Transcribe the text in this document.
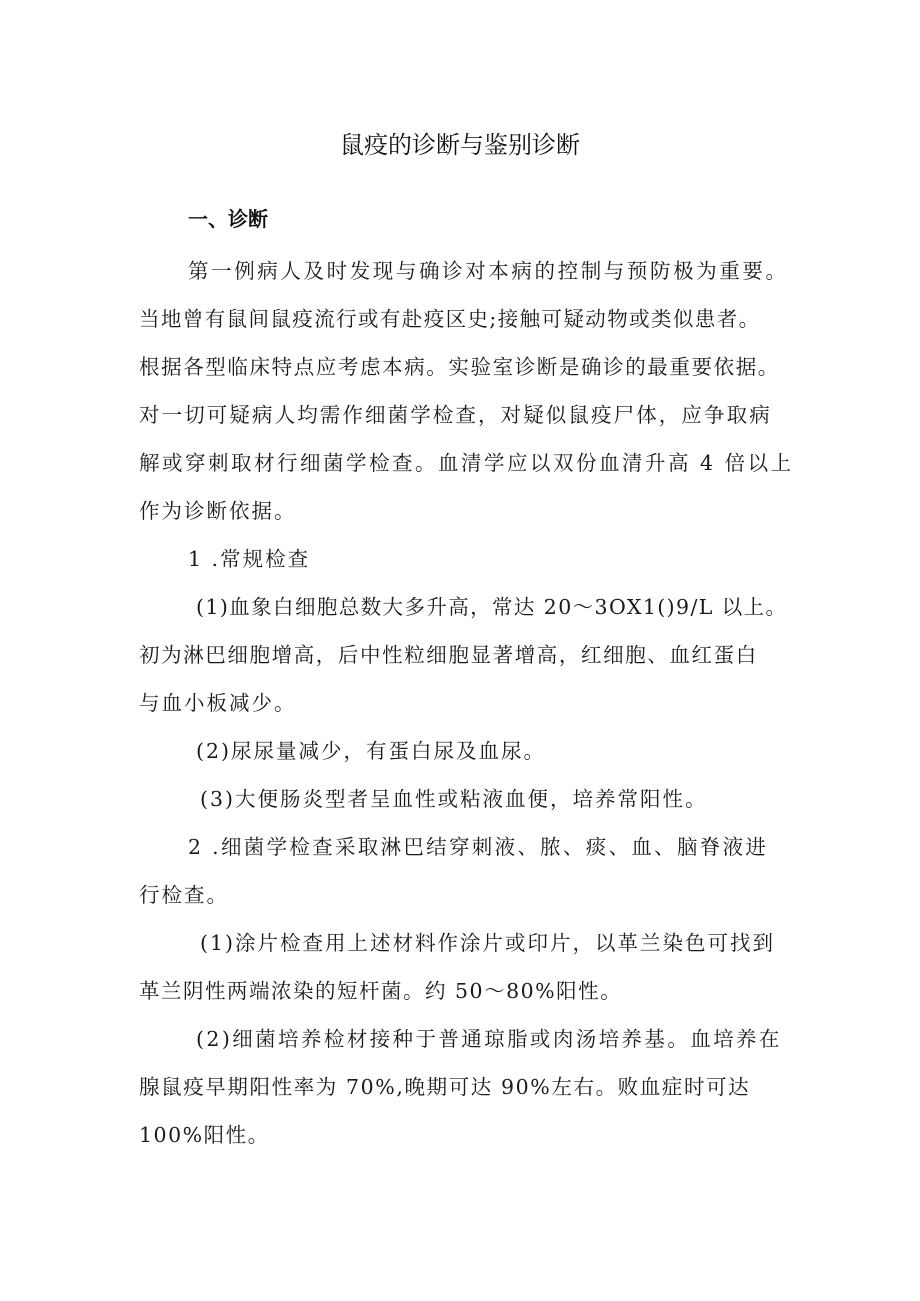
鼠疫的诊断与鉴别诊断
一、诊断
第一例病人及时发现与确诊对本病的控制与预防极为重要。
当地曾有鼠间鼠疫流行或有赴疫区史;接触可疑动物或类似患者。
根据各型临床特点应考虑本病。实验室诊断是确诊的最重要依据。
对一切可疑病人均需作细菌学检查，对疑似鼠疫尸体，应争取病
解或穿刺取材行细菌学检查。血清学应以双份血清升高 4 倍以上
作为诊断依据。
1 .常规检查
(1)血象白细胞总数大多升高，常达 20～3OX1()9/L 以上。
初为淋巴细胞增高，后中性粒细胞显著增高，红细胞、血红蛋白
与血小板减少。
(2)尿尿量减少，有蛋白尿及血尿。
(3)大便肠炎型者呈血性或粘液血便，培养常阳性。
2 .细菌学检查采取淋巴结穿刺液、脓、痰、血、脑脊液进
行检查。
(1)涂片检查用上述材料作涂片或印片，以革兰染色可找到
革兰阴性两端浓染的短杆菌。约 50～80%阳性。
(2)细菌培养检材接种于普通琼脂或肉汤培养基。血培养在
腺鼠疫早期阳性率为 70%,晚期可达 90%左右。败血症时可达
100%阳性。
